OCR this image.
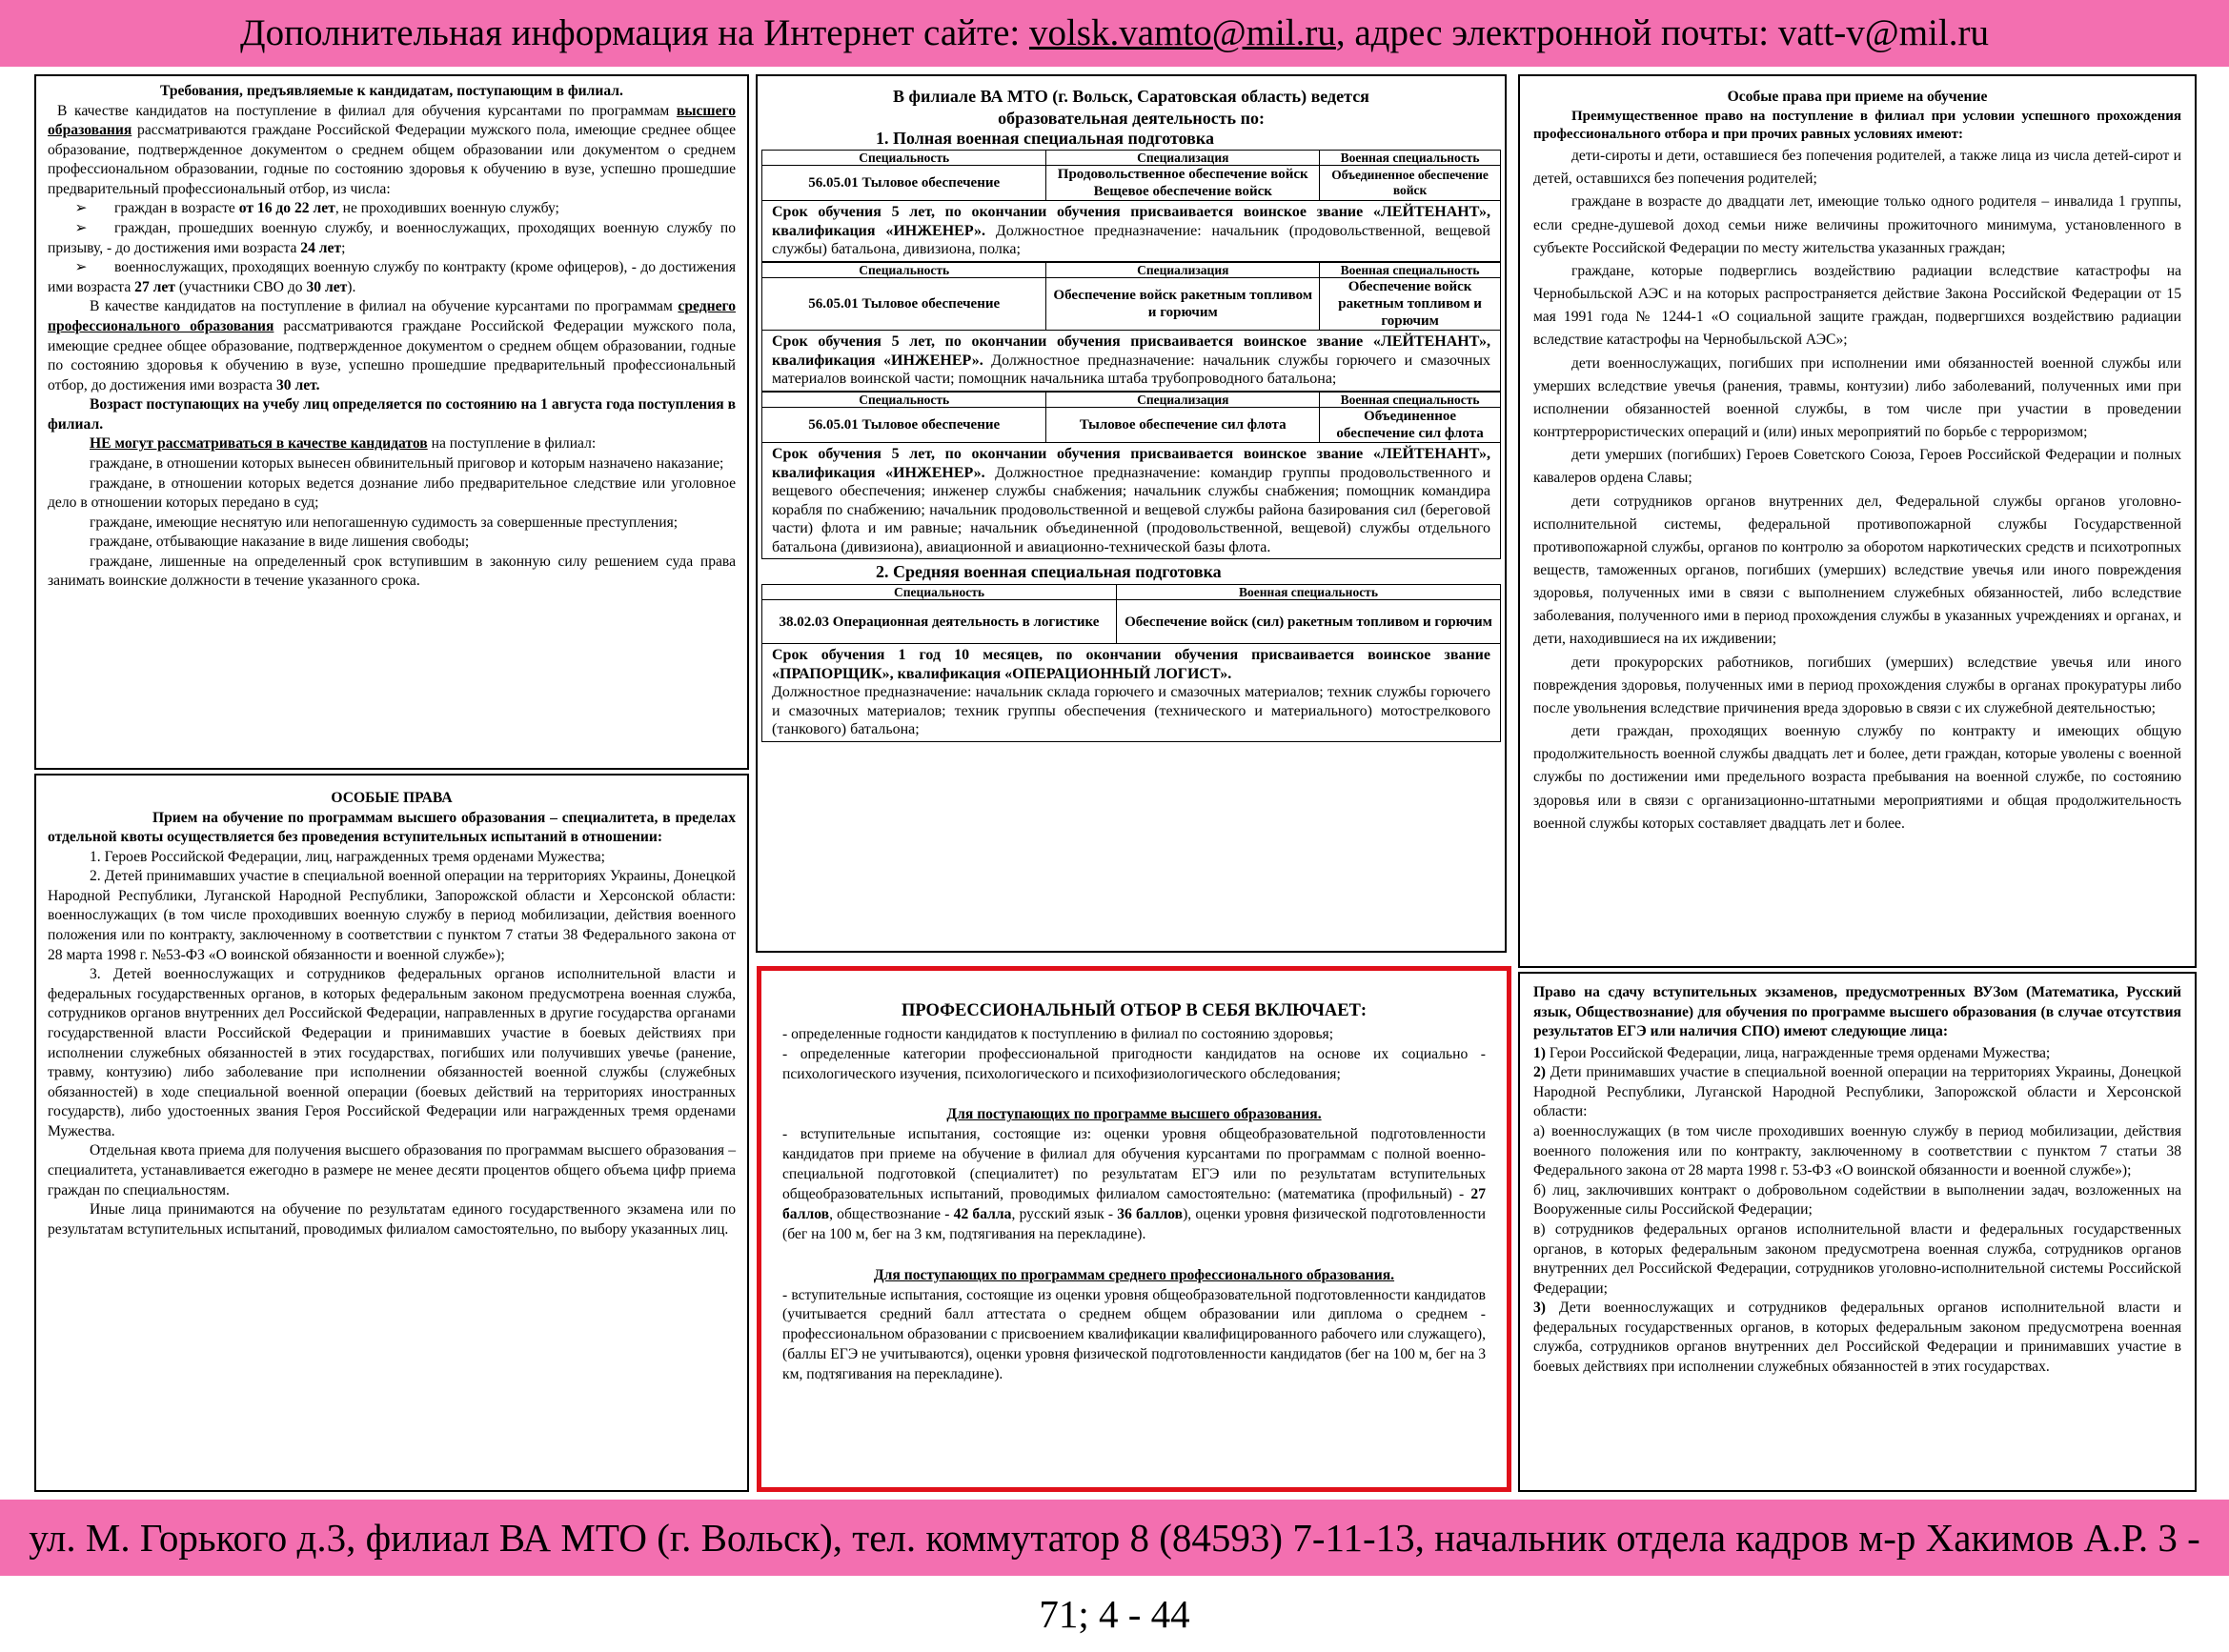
Дополнительная информация на Интернет сайте: volsk.vamto@mil.ru, адрес электронной почты: vatt-v@mil.ru

Требования, предъявляемые к кандидатам, поступающим в филиал.

В качестве кандидатов на поступление в филиал для обучения курсантами по программам высшего образования рассматриваются граждане Российской Федерации мужского пола, имеющие среднее общее образование, подтвержденное документом о среднем общем образовании или документом о среднем профессиональном образовании, годные по состоянию здоровья к обучению в вузе, успешно прошедшие предварительный профессиональный отбор, из числа:

➢ граждан в возрасте от 16 до 22 лет, не проходивших военную службу;

➢ граждан, прошедших военную службу, и военнослужащих, проходящих военную службу по призыву, - до достижения ими возраста 24 лет;

➢ военнослужащих, проходящих военную службу по контракту (кроме офицеров), - до достижения ими возраста 27 лет (участники СВО до 30 лет).

В качестве кандидатов на поступление в филиал на обучение курсантами по программам среднего профессионального образования рассматриваются граждане Российской Федерации мужского пола, имеющие среднее общее образование, подтвержденное документом о среднем общем образовании, годные по состоянию здоровья к обучению в вузе, успешно прошедшие предварительный профессиональный отбор, до достижения ими возраста 30 лет.

Возраст поступающих на учебу лиц определяется по состоянию на 1 августа года поступления в филиал.

НЕ могут рассматриваться в качестве кандидатов на поступление в филиал:

граждане, в отношении которых вынесен обвинительный приговор и которым назначено наказание;

граждане, в отношении которых ведется дознание либо предварительное следствие или уголовное дело в отношении которых передано в суд;

граждане, имеющие неснятую или непогашенную судимость за совершенные преступления;

граждане, отбывающие наказание в виде лишения свободы;

граждане, лишенные на определенный срок вступившим в законную силу решением суда права занимать воинские должности в течение указанного срока.

ОСОБЫЕ ПРАВА

Прием на обучение по программам высшего образования – специалитета, в пределах отдельной квоты осуществляется без проведения вступительных испытаний в отношении:

1. Героев Российской Федерации, лиц, награжденных тремя орденами Мужества;

2. Детей принимавших участие в специальной военной операции на территориях Украины, Донецкой Народной Республики, Луганской Народной Республики, Запорожской области и Херсонской области: военнослужащих (в том числе проходивших военную службу в период мобилизации, действия военного положения или по контракту, заключенному в соответствии с пунктом 7 статьи 38 Федерального закона от 28 марта 1998 г. №53-ФЗ «О воинской обязанности и военной службе»);

3. Детей военнослужащих и сотрудников федеральных органов исполнительной власти и федеральных государственных органов, в которых федеральным законом предусмотрена военная служба, сотрудников органов внутренних дел Российской Федерации, направленных в другие государства органами государственной власти Российской Федерации и принимавших участие в боевых действиях при исполнении служебных обязанностей в этих государствах, погибших или получивших увечье (ранение, травму, контузию) либо заболевание при исполнении обязанностей военной службы (служебных обязанностей) в ходе специальной военной операции (боевых действий на территориях иностранных государств), либо удостоенных звания Героя Российской Федерации или награжденных тремя орденами Мужества.

Отдельная квота приема для получения высшего образования по программам высшего образования – специалитета, устанавливается ежегодно в размере не менее десяти процентов общего объема цифр приема граждан по специальностям.

Иные лица принимаются на обучение по результатам единого государственного экзамена или по результатам вступительных испытаний, проводимых филиалом самостоятельно, по выбору указанных лиц.

В филиале ВА МТО (г. Вольск, Саратовская область) ведется

образовательная деятельность по:

1. Полная военная специальная подготовка

Специальность	Специализация	Военная специальность
56.05.01 Тыловое обеспечение	Продовольственное обеспечение войск Вещевое обеспечение войск	Объединенное обеспечение войск
Срок обучения 5 лет, по окончании обучения присваивается воинское звание «ЛЕЙТЕНАНТ», квалификация «ИНЖЕНЕР». Должностное предназначение: начальник (продовольственной, вещевой службы) батальона, дивизиона, полка;
Специальность	Специализация	Военная специальность
56.05.01 Тыловое обеспечение	Обеспечение войск ракетным топливом и горючим	Обеспечение войск ракетным топливом и горючим
Срок обучения 5 лет, по окончании обучения присваивается воинское звание «ЛЕЙТЕНАНТ», квалификация «ИНЖЕНЕР». Должностное предназначение: начальник службы горючего и смазочных материалов воинской части; помощник начальника штаба трубопроводного батальона;
Специальность	Специализация	Военная специальность
56.05.01 Тыловое обеспечение	Тыловое обеспечение сил флота	Объединенное обеспечение сил флота
Срок обучения 5 лет, по окончании обучения присваивается воинское звание «ЛЕЙТЕНАНТ», квалификация «ИНЖЕНЕР». Должностное предназначение: командир группы продовольственного и вещевого обеспечения; инженер службы снабжения; начальник службы снабжения; помощник командира корабля по снабжению; начальник продовольственной и вещевой службы района базирования сил (береговой части) флота и им равные; начальник объединенной (продовольственной, вещевой) службы отдельного батальона (дивизиона), авиационной и авиационно-технической базы флота.

2. Средняя военная специальная подготовка

Специальность	Военная специальность
38.02.03 Операционная деятельность в логистике	Обеспечение войск (сил) ракетным топливом и горючим
Срок обучения 1 год 10 месяцев, по окончании обучения присваивается воинское звание «ПРАПОРЩИК», квалификация «ОПЕРАЦИОННЫЙ ЛОГИСТ».
Должностное предназначение: начальник склада горючего и смазочных материалов; техник службы горючего и смазочных материалов; техник группы обеспечения (технического и материального) мотострелкового (танкового) батальона;

ПРОФЕССИОНАЛЬНЫЙ ОТБОР В СЕБЯ ВКЛЮЧАЕТ:

- определенные годности кандидатов к поступлению в филиал по состоянию здоровья;

- определенные категории профессиональной пригодности кандидатов на основе их социально - психологического изучения, психологического и психофизиологического обследования;

Для поступающих по программе высшего образования.

- вступительные испытания, состоящие из: оценки уровня общеобразовательной подготовленности кандидатов при приеме на обучение в филиал для обучения курсантами по программам с полной военно-специальной подготовкой (специалитет) по результатам ЕГЭ или по результатам вступительных общеобразовательных испытаний, проводимых филиалом самостоятельно: (математика (профильный) - 27 баллов, обществознание - 42 балла, русский язык - 36 баллов), оценки уровня физической подготовленности (бег на 100 м, бег на 3 км, подтягивания на перекладине).

Для поступающих по программам среднего профессионального образования.

- вступительные испытания, состоящие из оценки уровня общеобразовательной подготовленности кандидатов (учитывается средний балл аттестата о среднем общем образовании или диплома о среднем - профессиональном образовании с присвоением квалификации квалифицированного рабочего или служащего), (баллы ЕГЭ не учитываются), оценки уровня физической подготовленности кандидатов (бег на 100 м, бег на 3 км, подтягивания на перекладине).

Особые права при приеме на обучение

Преимущественное право на поступление в филиал при условии успешного прохождения профессионального отбора и при прочих равных условиях имеют:

дети-сироты и дети, оставшиеся без попечения родителей, а также лица из числа детей-сирот и детей, оставшихся без попечения родителей;

граждане в возрасте до двадцати лет, имеющие только одного родителя – инвалида 1 группы, если средне-душевой доход семьи ниже величины прожиточного минимума, установленного в субъекте Российской Федерации по месту жительства указанных граждан;

граждане, которые подверглись воздействию радиации вследствие катастрофы на Чернобыльской АЭС и на которых распространяется действие Закона Российской Федерации от 15 мая 1991 года № 1244-1 «О социальной защите граждан, подвергшихся воздействию радиации вследствие катастрофы на Чернобыльской АЭС»;

дети военнослужащих, погибших при исполнении ими обязанностей военной службы или умерших вследствие увечья (ранения, травмы, контузии) либо заболеваний, полученных ими при исполнении обязанностей военной службы, в том числе при участии в проведении контртеррористических операций и (или) иных мероприятий по борьбе с терроризмом;

дети умерших (погибших) Героев Советского Союза, Героев Российской Федерации и полных кавалеров ордена Славы;

дети сотрудников органов внутренних дел, Федеральной службы органов уголовно-исполнительной системы, федеральной противопожарной службы Государственной противопожарной службы, органов по контролю за оборотом наркотических средств и психотропных веществ, таможенных органов, погибших (умерших) вследствие увечья или иного повреждения здоровья, полученных ими в связи с выполнением служебных обязанностей, либо вследствие заболевания, полученного ими в период прохождения службы в указанных учреждениях и органах, и дети, находившиеся на их иждивении;

дети прокурорских работников, погибших (умерших) вследствие увечья или иного повреждения здоровья, полученных ими в период прохождения службы в органах прокуратуры либо после увольнения вследствие причинения вреда здоровью в связи с их служебной деятельностью;

дети граждан, проходящих военную службу по контракту и имеющих общую продолжительность военной службы двадцать лет и более, дети граждан, которые уволены с военной службы по достижении ими предельного возраста пребывания на военной службе, по состоянию здоровья или в связи с организационно-штатными мероприятиями и общая продолжительность военной службы которых составляет двадцать лет и более.

Право на сдачу вступительных экзаменов, предусмотренных ВУЗом (Математика, Русский язык, Обществознание) для обучения по программе высшего образования (в случае отсутствия результатов ЕГЭ или наличия СПО) имеют следующие лица:

1) Герои Российской Федерации, лица, награжденные тремя орденами Мужества;

2) Дети принимавших участие в специальной военной операции на территориях Украины, Донецкой Народной Республики, Луганской Народной Республики, Запорожской области и Херсонской области:

а) военнослужащих (в том числе проходивших военную службу в период мобилизации, действия военного положения или по контракту, заключенному в соответствии с пунктом 7 статьи 38 Федерального закона от 28 марта 1998 г. 53-ФЗ «О воинской обязанности и военной службе»);

б) лиц, заключивших контракт о добровольном содействии в выполнении задач, возложенных на Вооруженные силы Российской Федерации;

в) сотрудников федеральных органов исполнительной власти и федеральных государственных органов, в которых федеральным законом предусмотрена военная служба, сотрудников органов внутренних дел Российской Федерации, сотрудников уголовно-исполнительной системы Российской Федерации;

3) Дети военнослужащих и сотрудников федеральных органов исполнительной власти и федеральных государственных органов, в которых федеральным законом предусмотрена военная служба, сотрудников органов внутренних дел Российской Федерации и принимавших участие в боевых действиях при исполнении служебных обязанностей в этих государствах.

ул. М. Горького д.3, филиал ВА МТО (г. Вольск), тел. коммутатор 8 (84593) 7-11-13, начальник отдела кадров м-р Хакимов А.Р. 3 - 71; 4 - 44
